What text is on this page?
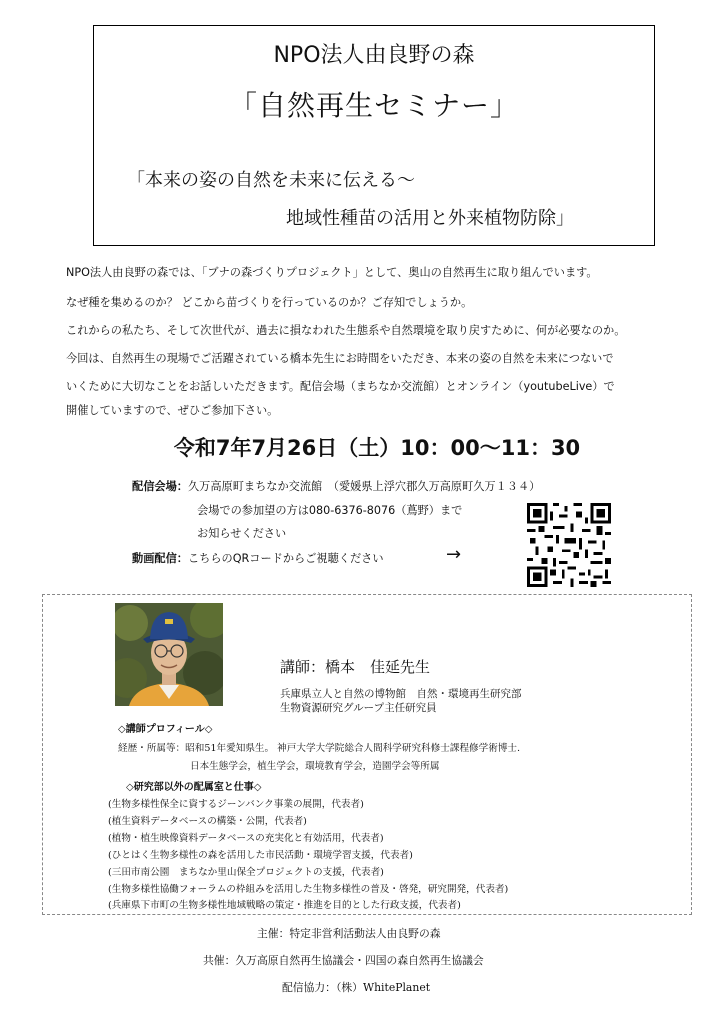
NPO法人由良野の森
「自然再生セミナー」
「本来の姿の自然を未来に伝える～
地域性種苗の活用と外来植物防除」

NPO法人由良野の森では、「ブナの森づくりプロジェクト」として、奥山の自然再生に取り組んでいます。

なぜ種を集めるのか？ どこから苗づくりを行っているのか？ご存知でしょうか。

これからの私たち、そして次世代が、過去に損なわれた生態系や自然環境を取り戻すために、何が必要なのか。

今回は、自然再生の現場でご活躍されている橋本先生にお時間をいただき、本来の姿の自然を未来につないで

いくために大切なことをお話しいただきます。配信会場（まちなか交流館）とオンライン（youtubeLive）で

開催していますので、ぜひご参加下さい。

令和7年7月26日（土）10：00～11：30
配信会場：久万高原町まちなか交流館　（愛媛県上浮穴郡久万高原町久万１３４）
会場での参加望の方は080-6376-8076（蔦野）まで
お知らせください
動画配信：こちらのQRコードからご視聴ください	→
講師：橋本　佳延先生
兵庫県立人と自然の博物館　自然・環境再生研究部
生物資源研究グループ主任研究員
◇講師プロフィール◇
経歴・所属等：昭和51年愛知県生。 神戸大学大学院総合人間科学研究科修士課程修学術博士.
日本生態学会，植生学会，環境教育学会，造園学会等所属
◇研究部以外の配属室と仕事◇
(生物多様性保全に資するジーンバンク事業の展開，代表者)
(植生資料データベースの構築・公開，代表者)
(植物・植生映像資料データベースの充実化と有効活用，代表者)
(ひとはく生物多様性の森を活用した市民活動・環境学習支援，代表者)
(三田市南公園　まちなか里山保全プロジェクトの支援，代表者)
(生物多様性協働フォーラムの枠組みを活用した生物多様性の普及・啓発，研究開発，代表者)
(兵庫県下市町の生物多様性地域戦略の策定・推進を目的とした行政支援，代表者)
主催：特定非営利活動法人由良野の森
共催：久万高原自然再生協議会・四国の森自然再生協議会
配信協力：（株）WhitePlanet
